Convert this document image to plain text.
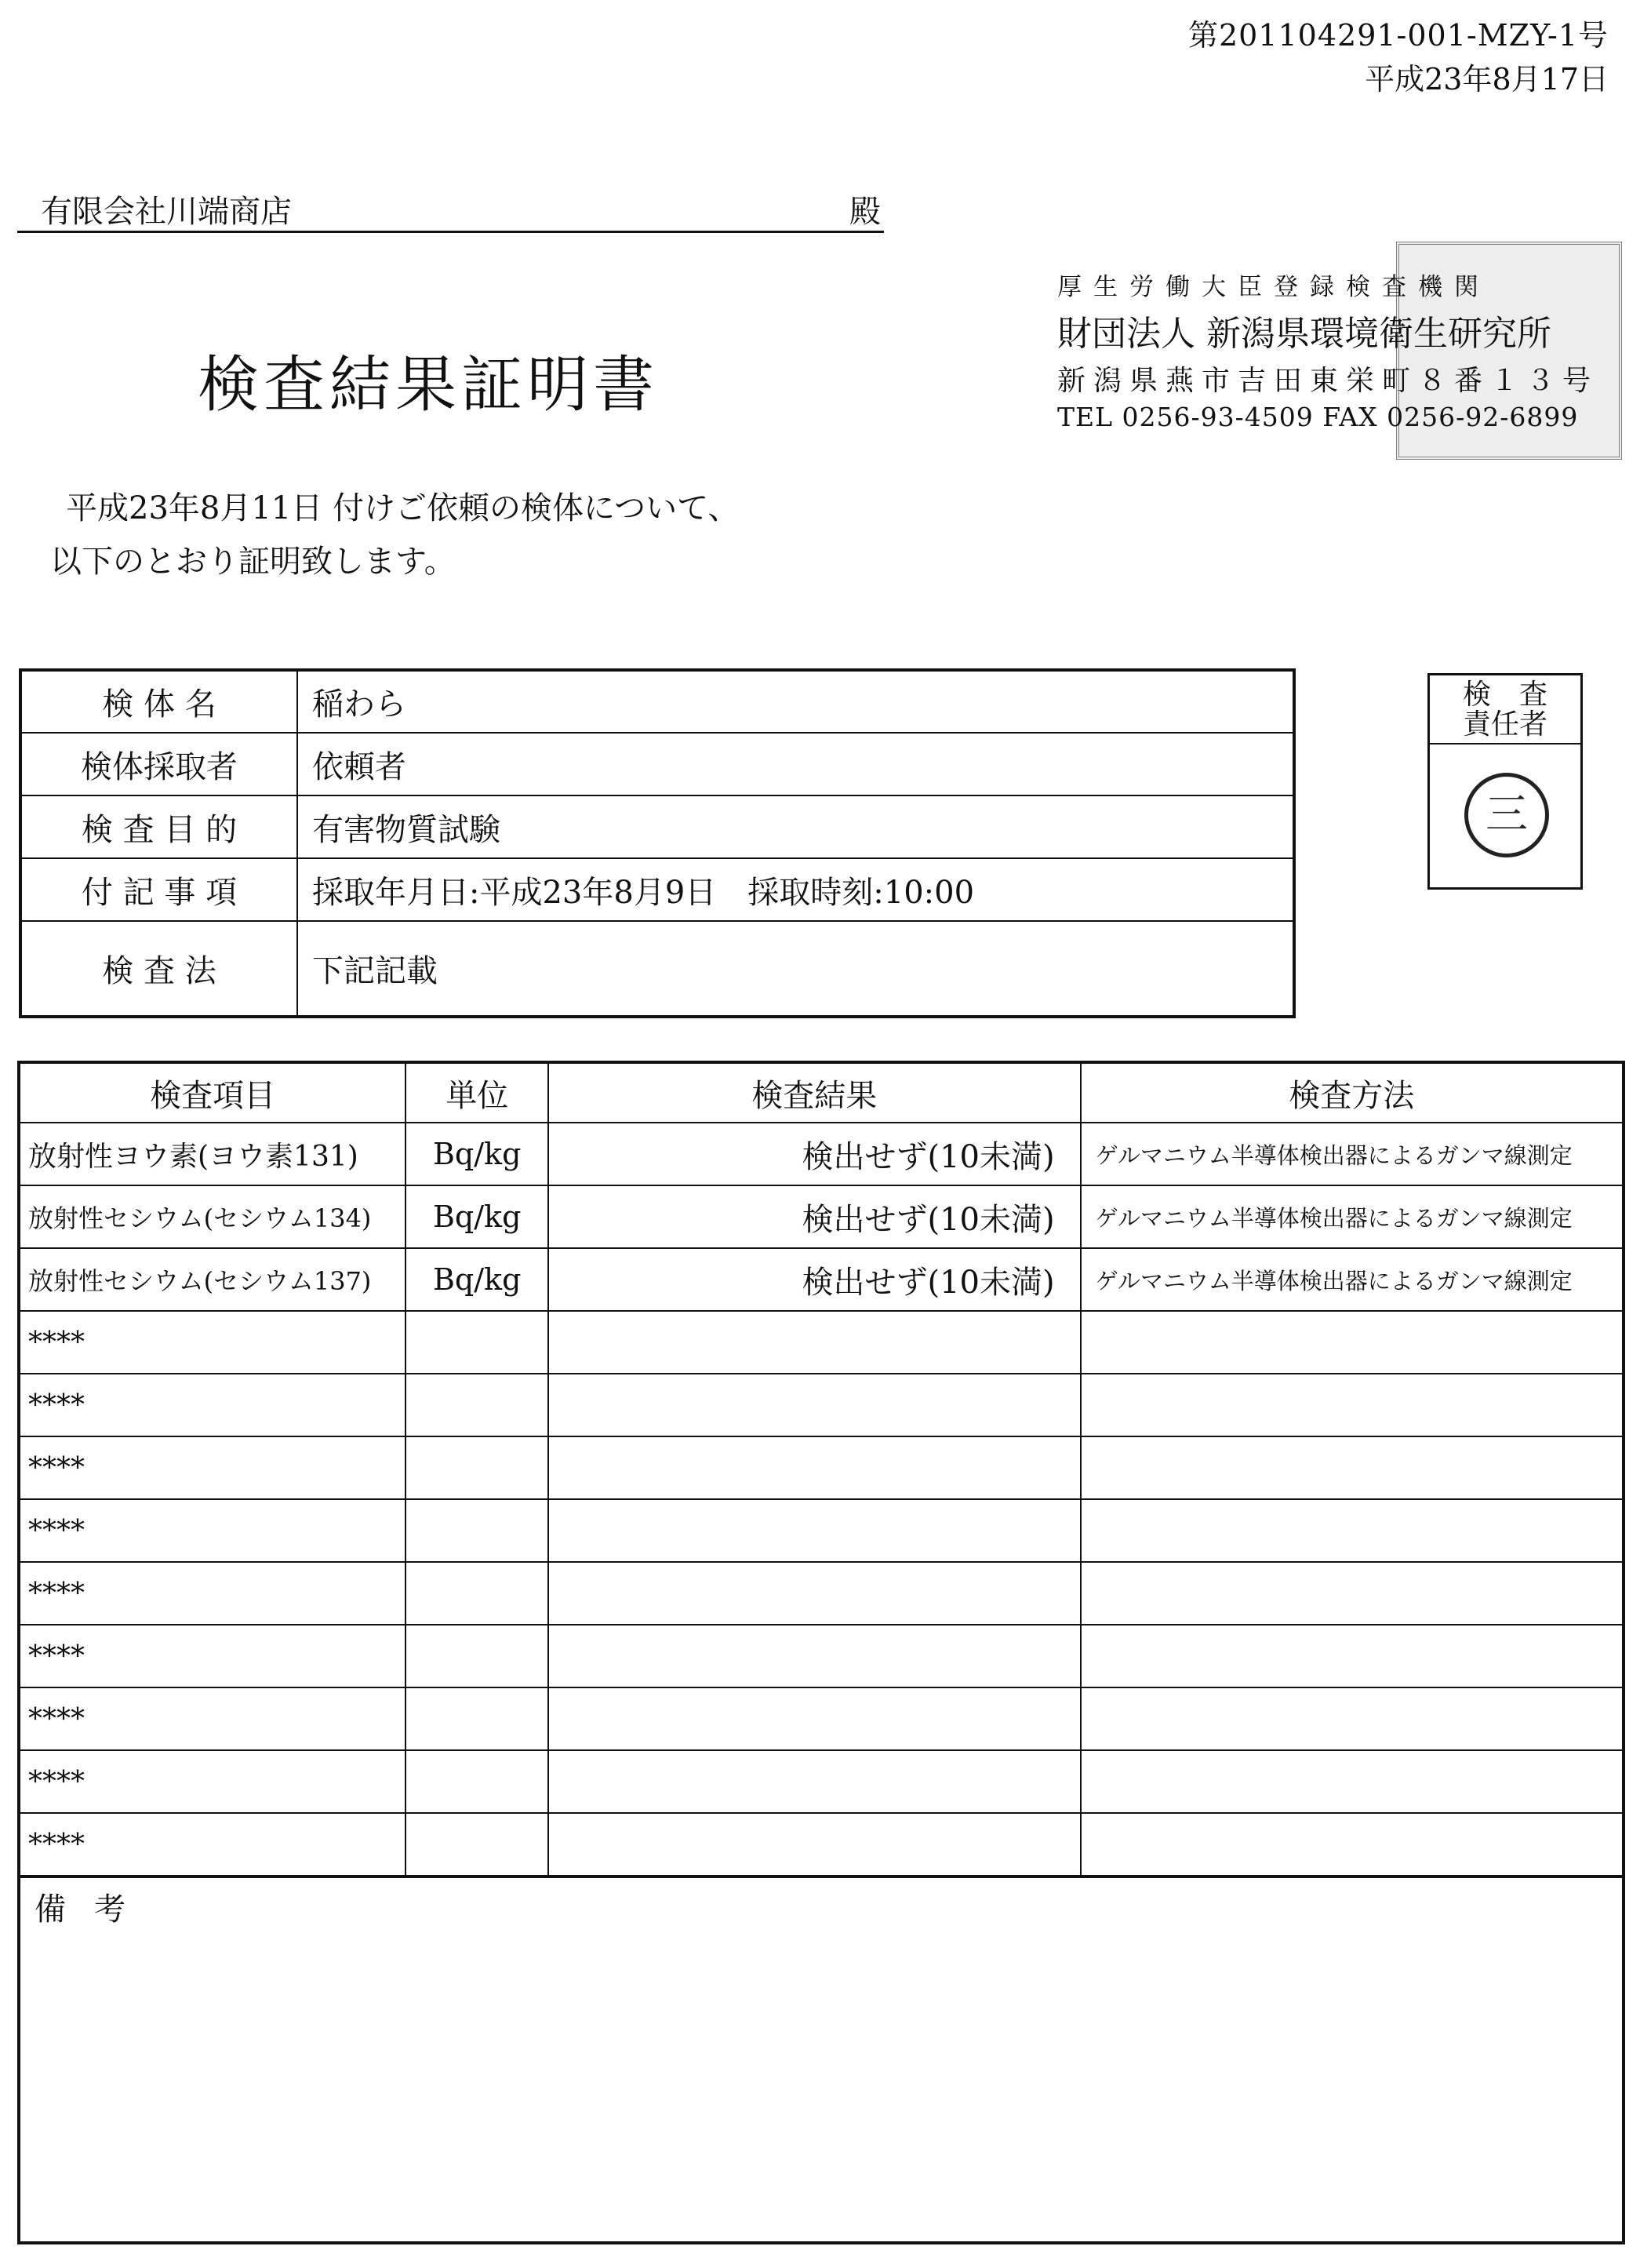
第201104291-001-MZY-1号
平成23年8月17日
有限会社川端商店	殿
検査結果証明書
厚生労働大臣登録検査機関
財団法人 新潟県環境衛生研究所
新潟県燕市吉田東栄町８番１３号
TEL 0256-93-4509 FAX 0256-92-6899
平成23年8月11日 付けご依頼の検体について、
以下のとおり証明致します。
検 体 名	稲わら
検体採取者	依頼者
検 査 目 的	有害物質試験
付 記 事 項	採取年月日:平成23年8月9日　採取時刻:10:00
検 査 法	下記記載
検　査
責任者
三
検査項目	単位	検査結果	検査方法
放射性ヨウ素(ヨウ素131)	Bq/kg	検出せず(10未満)	ゲルマニウム半導体検出器によるガンマ線測定
放射性セシウム(セシウム134)	Bq/kg	検出せず(10未満)	ゲルマニウム半導体検出器によるガンマ線測定
放射性セシウム(セシウム137)	Bq/kg	検出せず(10未満)	ゲルマニウム半導体検出器によるガンマ線測定
****			
****			
****			
****			
****			
****			
****			
****			
****			
備考
